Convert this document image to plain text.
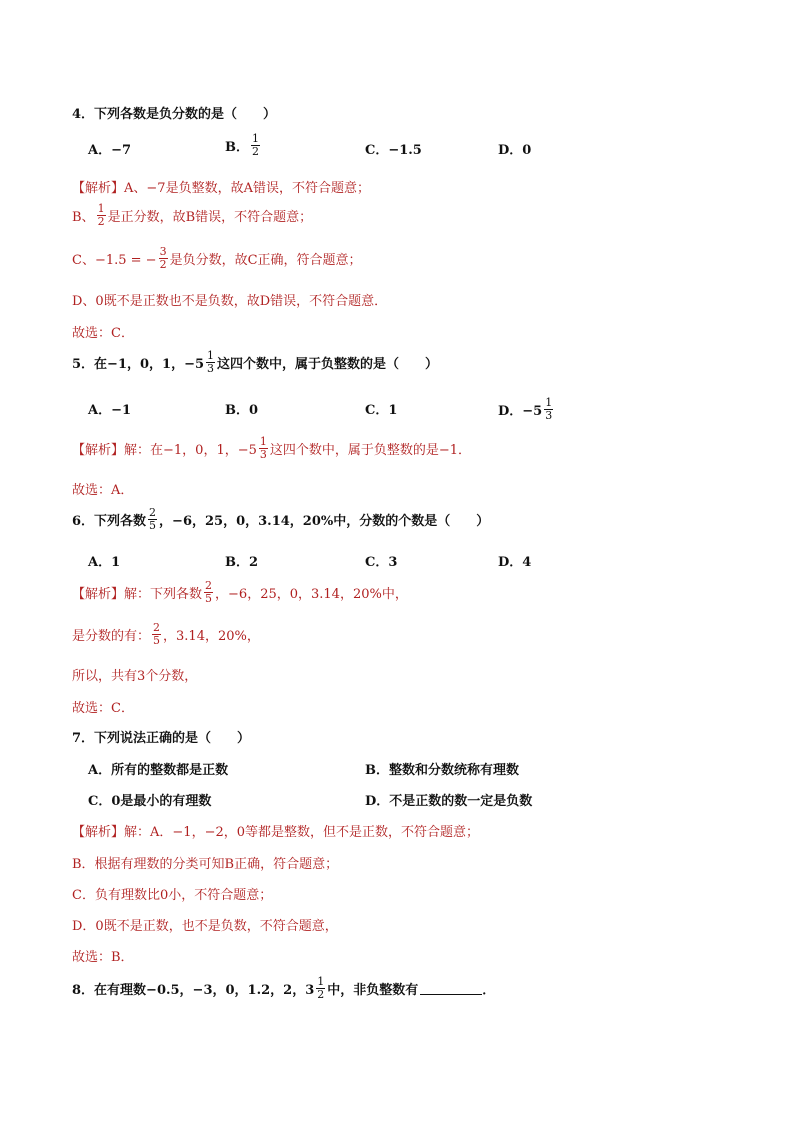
4．下列各数是负分数的是（　　）
A．−7	B． $\frac{1}{2}$	C．−1.5	D．0
【解析】 A、−7是负整数，故A错误，不符合题意；
B、 $\frac{1}{2}$ 是正分数，故B错误，不符合题意；
C、−1.5 = − $\frac{3}{2}$ 是负分数，故C正确，符合题意；
D、0既不是正数也不是负数，故D错误，不符合题意．
故选：C．
5．在−1，0，1，$-5 \frac{1}{3}$ 这四个数中，属于负整数的是（　　）
A．−1	B．0	C．1	D．$-5 \frac{1}{3}$
【解析】 解：在−1，0，1，$-5 \frac{1}{3}$ 这四个数中，属于负整数的是−1．
故选：A．
6．下列各数 $\frac{2}{5}$ ，−6，25，0，3.14，20%中，分数的个数是（　　）
A．1	B．2	C．3	D．4
【解析】 解：下列各数 $\frac{2}{5}$ ，−6，25，0，3.14，20%中，
是分数的有： $\frac{2}{5}$ ，3.14，20%，
所以，共有3个分数，
故选：C．
7．下列说法正确的是（　　）
A．所有的整数都是正数	B．整数和分数统称有理数
C．0是最小的有理数	D．不是正数的数一定是负数
【解析】 解：A．−1，−2，0等都是整数，但不是正数，不符合题意；
B．根据有理数的分类可知B正确，符合题意；
C．负有理数比0小，不符合题意；
D．0既不是正数，也不是负数，不符合题意，
故选：B．
8．在有理数−0.5，−3，0，1.2，2，$3 \frac{1}{2}$ 中，非负整数有	．
